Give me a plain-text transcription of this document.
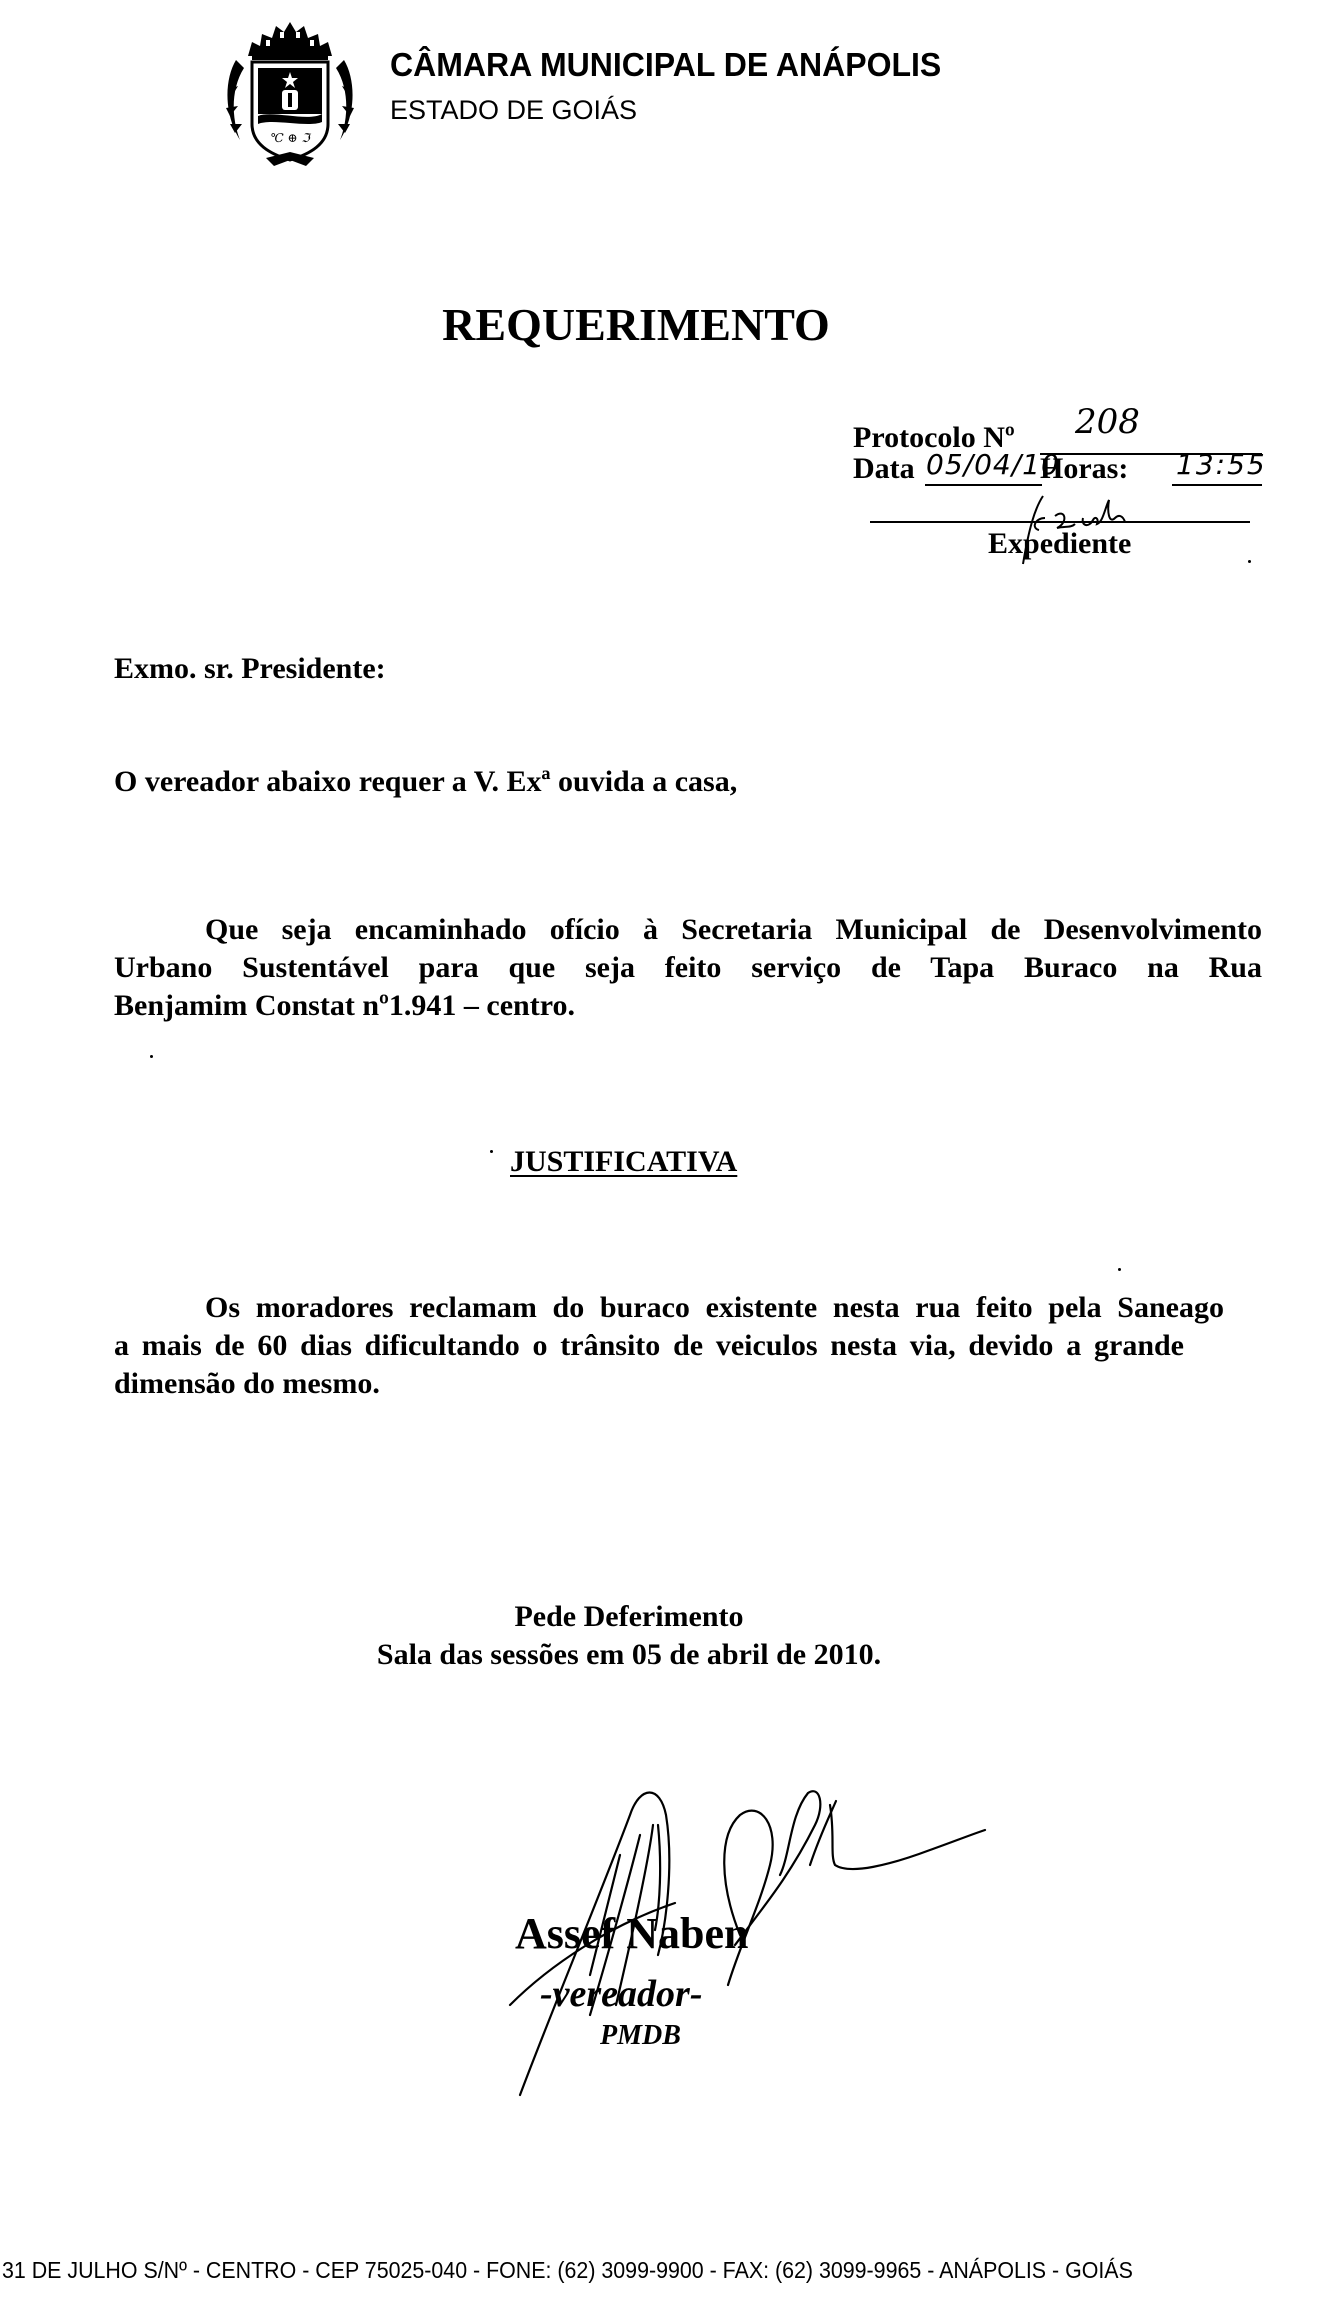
℃ ⊕ ℑ
CÂMARA MUNICIPAL DE ANÁPOLIS
ESTADO DE GOIÁS
REQUERIMENTO
Protocolo Nº 208
Data 05/04/10
Horas: 13:55
Expediente
Exmo. sr. Presidente:
O vereador abaixo requer a V. Exª ouvida a casa,
Que seja encaminhado ofício à Secretaria Municipal de Desenvolvimento
Urbano Sustentável para que seja feito serviço de Tapa Buraco na Rua
Benjamim Constat nº1.941 – centro.
JUSTIFICATIVA
Os moradores reclamam do buraco existente nesta rua feito pela Saneago
a mais de 60 dias dificultando o trânsito de veiculos nesta via, devido a grande
dimensão do mesmo.
Pede Deferimento
Sala das sessões em 05 de abril de 2010.
Assef Naben
-vereador-
PMDB
31 DE JULHO S/Nº - CENTRO - CEP 75025-040 - FONE: (62) 3099-9900 - FAX: (62) 3099-9965 - ANÁPOLIS - GOIÁS
